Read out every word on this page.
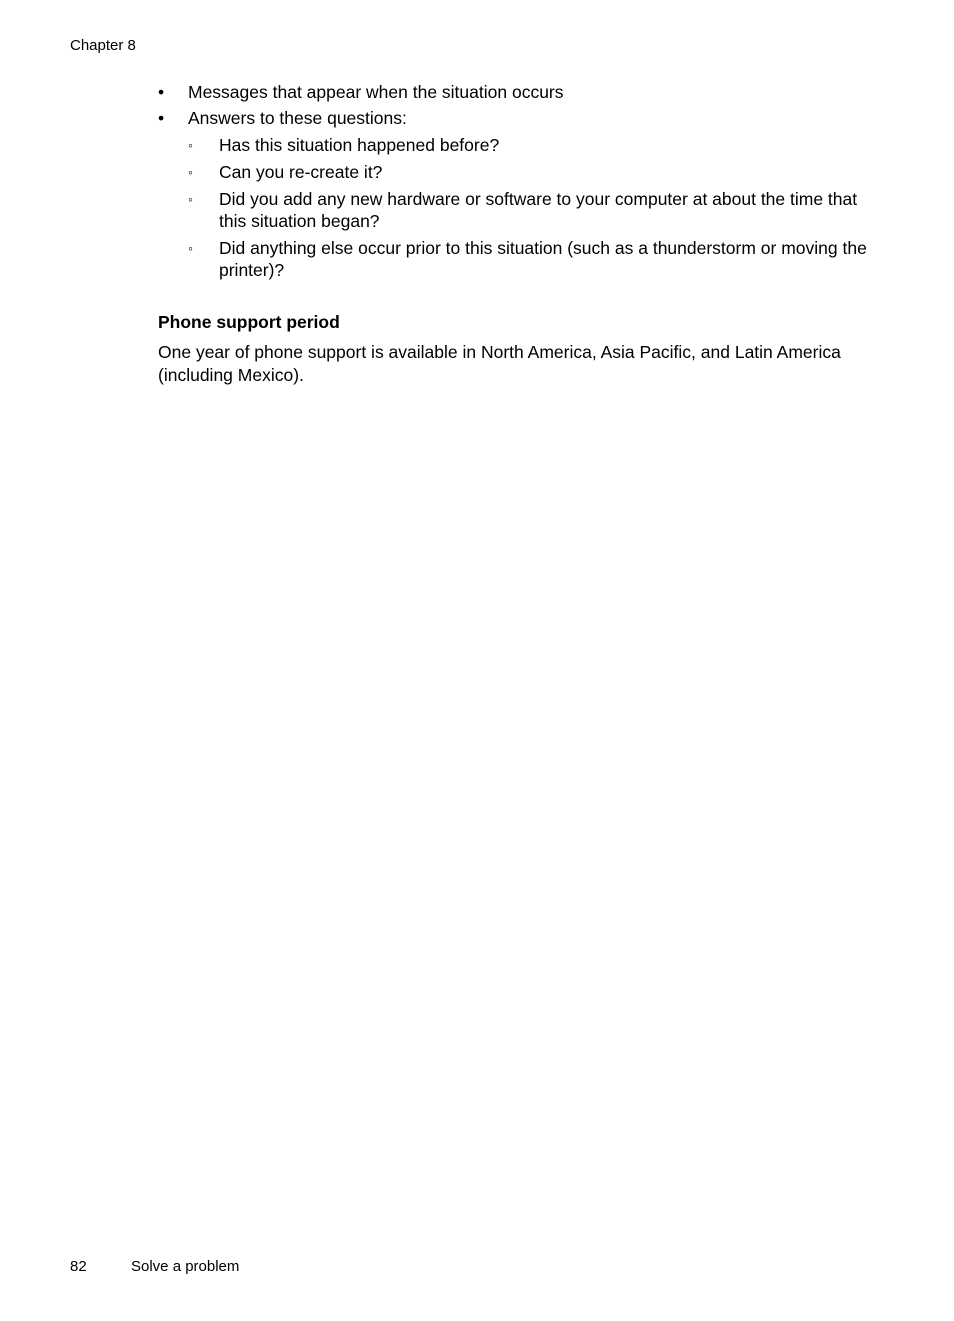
Chapter 8
• Messages that appear when the situation occurs
• Answers to these questions:
◦ Has this situation happened before?
◦ Can you re-create it?
◦ Did you add any new hardware or software to your computer at about the time that this situation began?
◦ Did anything else occur prior to this situation (such as a thunderstorm or moving the printer)?
Phone support period

One year of phone support is available in North America, Asia Pacific, and Latin America (including Mexico).

82	Solve a problem
